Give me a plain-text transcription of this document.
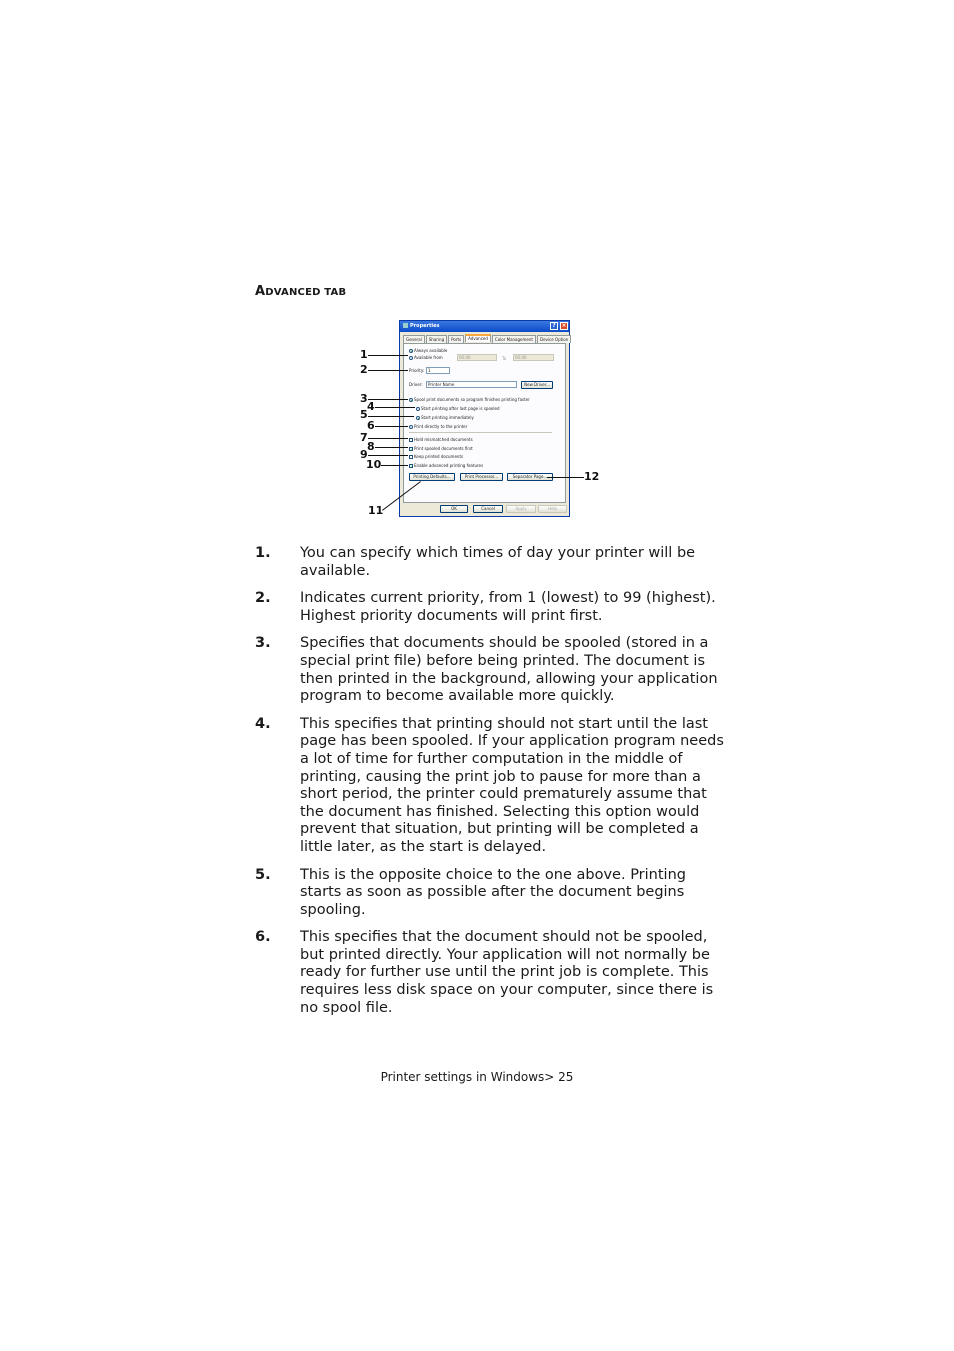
ADVANCED TAB
Properties	? ×
General	Sharing	Ports	Advanced	Color Management	Device Option
Always available
Available from	00:00	To	00:00
Priority: 1
Driver:	Printer Name	New Driver...
Spool print documents so program finishes printing faster
Start printing after last page is spooled
Start printing immediately
Print directly to the printer
Hold mismatched documents
✓Print spooled documents first
Keep printed documents
✓Enable advanced printing features
Printing Defaults...	Print Processor...	Separator Page...
OK	Cancel	Apply	Help
1
2
3
4
5
6
7
8
9
10
11
12
1. You can specify which times of day your printer will be available.
2. Indicates current priority, from 1 (lowest) to 99 (highest). Highest priority documents will print first.
3. Specifies that documents should be spooled (stored in a special print file) before being printed. The document is then printed in the background, allowing your application program to become available more quickly.
4. This specifies that printing should not start until the last page has been spooled. If your application program needs a lot of time for further computation in the middle of printing, causing the print job to pause for more than a short period, the printer could prematurely assume that the document has finished. Selecting this option would prevent that situation, but printing will be completed a little later, as the start is delayed.
5. This is the opposite choice to the one above. Printing starts as soon as possible after the document begins spooling.
6. This specifies that the document should not be spooled, but printed directly. Your application will not normally be ready for further use until the print job is complete. This requires less disk space on your computer, since there is no spool file.
Printer settings in Windows> 25
